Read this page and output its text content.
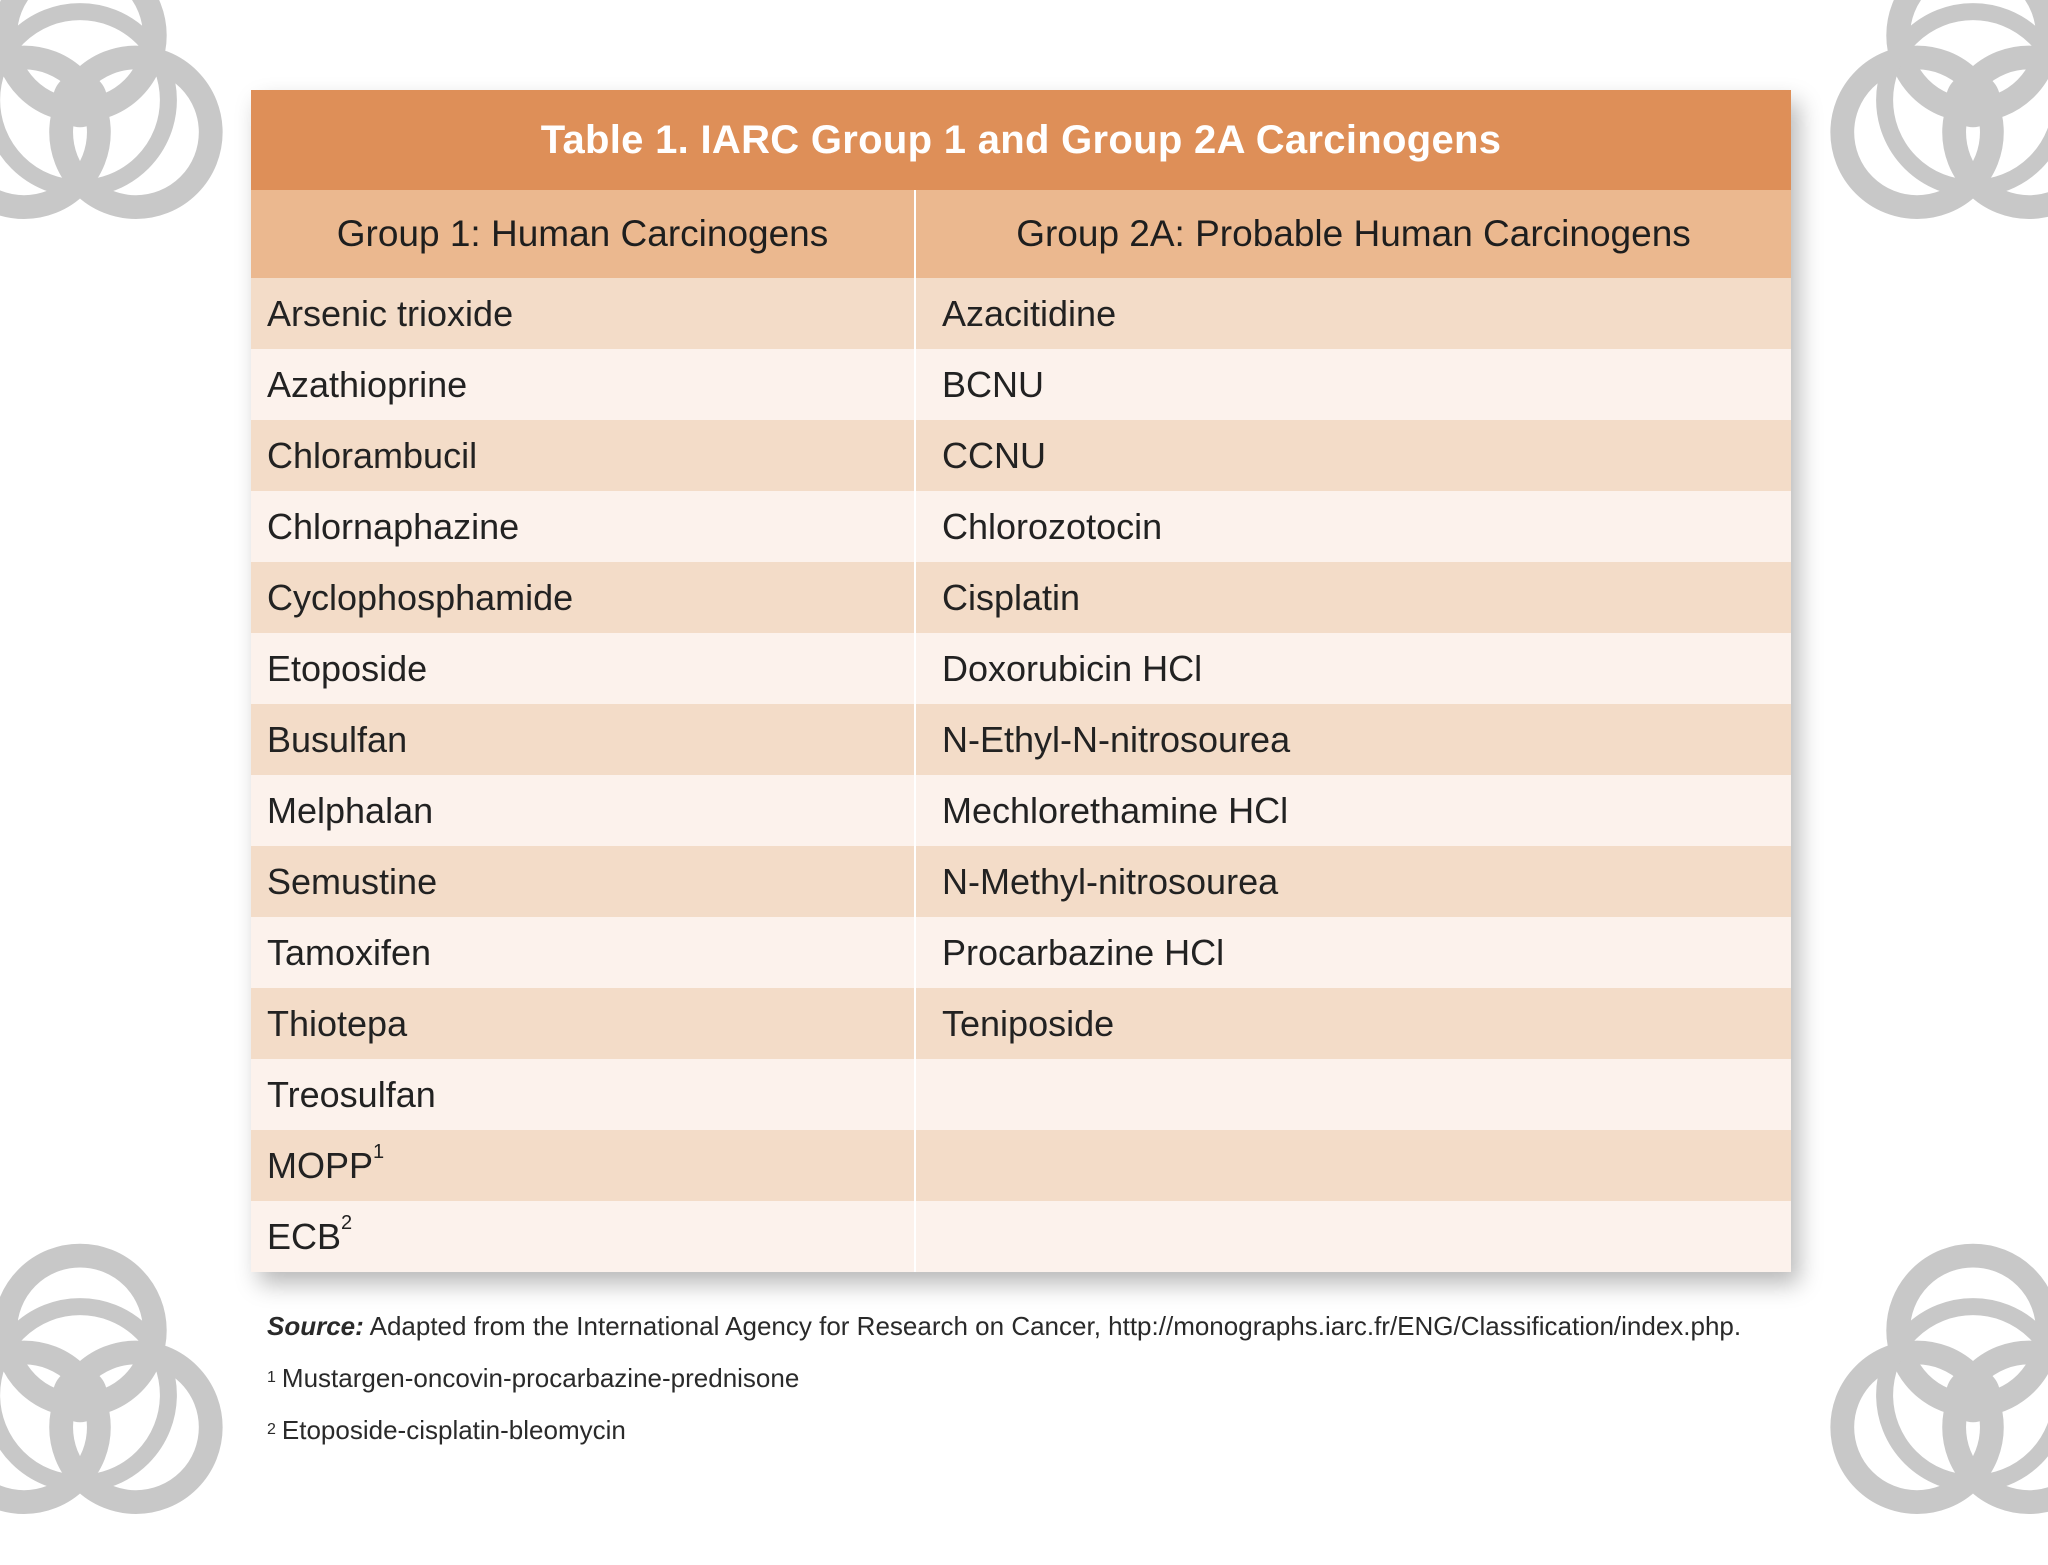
Table 1. IARC Group 1 and Group 2A Carcinogens
Group 1: Human Carcinogens	Group 2A: Probable Human Carcinogens
Arsenic trioxide	Azacitidine
Azathioprine	BCNU
Chlorambucil	CCNU
Chlornaphazine	Chlorozotocin
Cyclophosphamide	Cisplatin
Etoposide	Doxorubicin HCl
Busulfan	N-Ethyl-N-nitrosourea
Melphalan	Mechlorethamine HCl
Semustine	N-Methyl-nitrosourea
Tamoxifen	Procarbazine HCl
Thiotepa	Teniposide
Treosulfan	
MOPP$^1$	
ECB$^2$	
Source: Adapted from the International Agency for Research on Cancer, http://monographs.iarc.fr/ENG/Classification/index.php.
$^1$ Mustargen-oncovin-procarbazine-prednisone
$^2$ Etoposide-cisplatin-bleomycin
